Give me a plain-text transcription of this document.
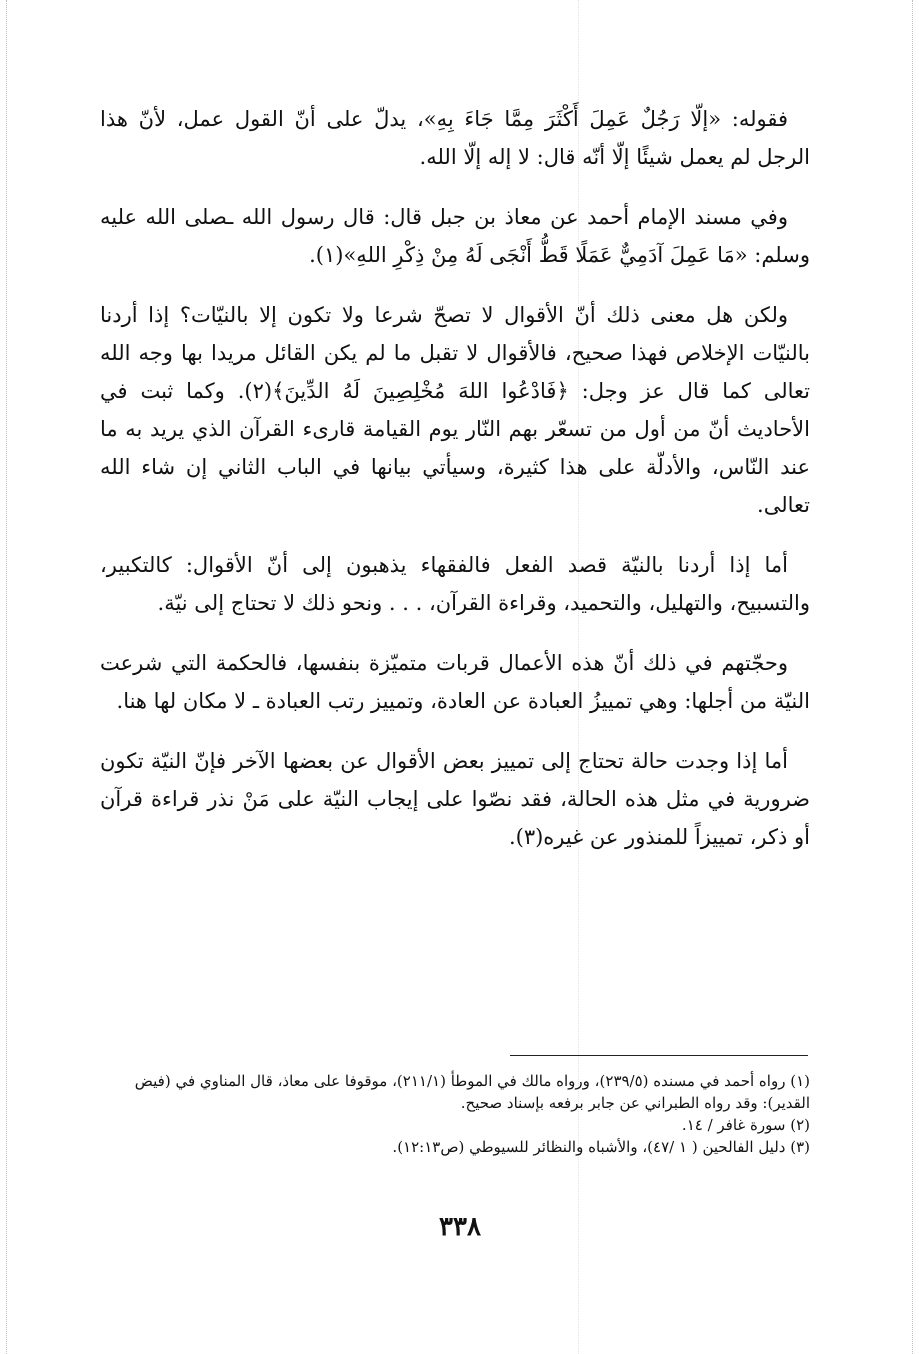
فقوله: «إلّا رَجُلٌ عَمِلَ أَكْثَرَ مِمَّا جَاءَ بِهِ»، يدلّ على أنّ القول عمل، لأنّ هذا الرجل لم يعمل شيئًا إلّا أنّه قال: لا إله إلّا الله.

وفي مسند الإمام أحمد عن معاذ بن جبل قال: قال رسول الله ـصلى الله عليه وسلم: «مَا عَمِلَ آدَمِيٌّ عَمَلًا قَطُّ أَنْجَى لَهُ مِنْ ذِكْرِ اللهِ»(١).

ولكن هل معنى ذلك أنّ الأقوال لا تصحّ شرعا ولا تكون إلا بالنيّات؟ إذا أردنا بالنيّات الإخلاص فهذا صحيح، فالأقوال لا تقبل ما لم يكن القائل مريدا بها وجه الله تعالى كما قال عز وجل: ﴿فَادْعُوا اللهَ مُخْلِصِينَ لَهُ الدِّينَ﴾(٢). وكما ثبت في الأحاديث أنّ من أول من تسعّر بهم النّار يوم القيامة قارىء القرآن الذي يريد به ما عند النّاس، والأدلّة على هذا كثيرة، وسيأتي بيانها في الباب الثاني إن شاء الله تعالى.

أما إذا أردنا بالنيّة قصد الفعل فالفقهاء يذهبون إلى أنّ الأقوال: كالتكبير، والتسبيح، والتهليل، والتحميد، وقراءة القرآن، . . . ونحو ذلك لا تحتاج إلى نيّة.

وحجّتهم في ذلك أنّ هذه الأعمال قربات متميّزة بنفسها، فالحكمة التي شرعت النيّة من أجلها: وهي تمييزُ العبادة عن العادة، وتمييز رتب العبادة ـ لا مكان لها هنا.

أما إذا وجدت حالة تحتاج إلى تمييز بعض الأقوال عن بعضها الآخر فإنّ النيّة تكون ضرورية في مثل هذه الحالة، فقد نصّوا على إيجاب النيّة على مَنْ نذر قراءة قرآن أو ذكر، تمييزاً للمنذور عن غيره(٣).

(١) رواه أحمد في مسنده (٢٣٩/٥)، ورواه مالك في الموطأ (٢١١/١)، موقوفا على معاذ، قال المناوي في (فيض القدير): وقد رواه الطبراني عن جابر برفعه بإسناد صحيح.

(٢) سورة غافر / ١٤.

(٣) دليل الفالحين ( ١ /٤٧)، والأشباه والنظائر للسيوطي (ص١٢:١٣).

٣٣٨
